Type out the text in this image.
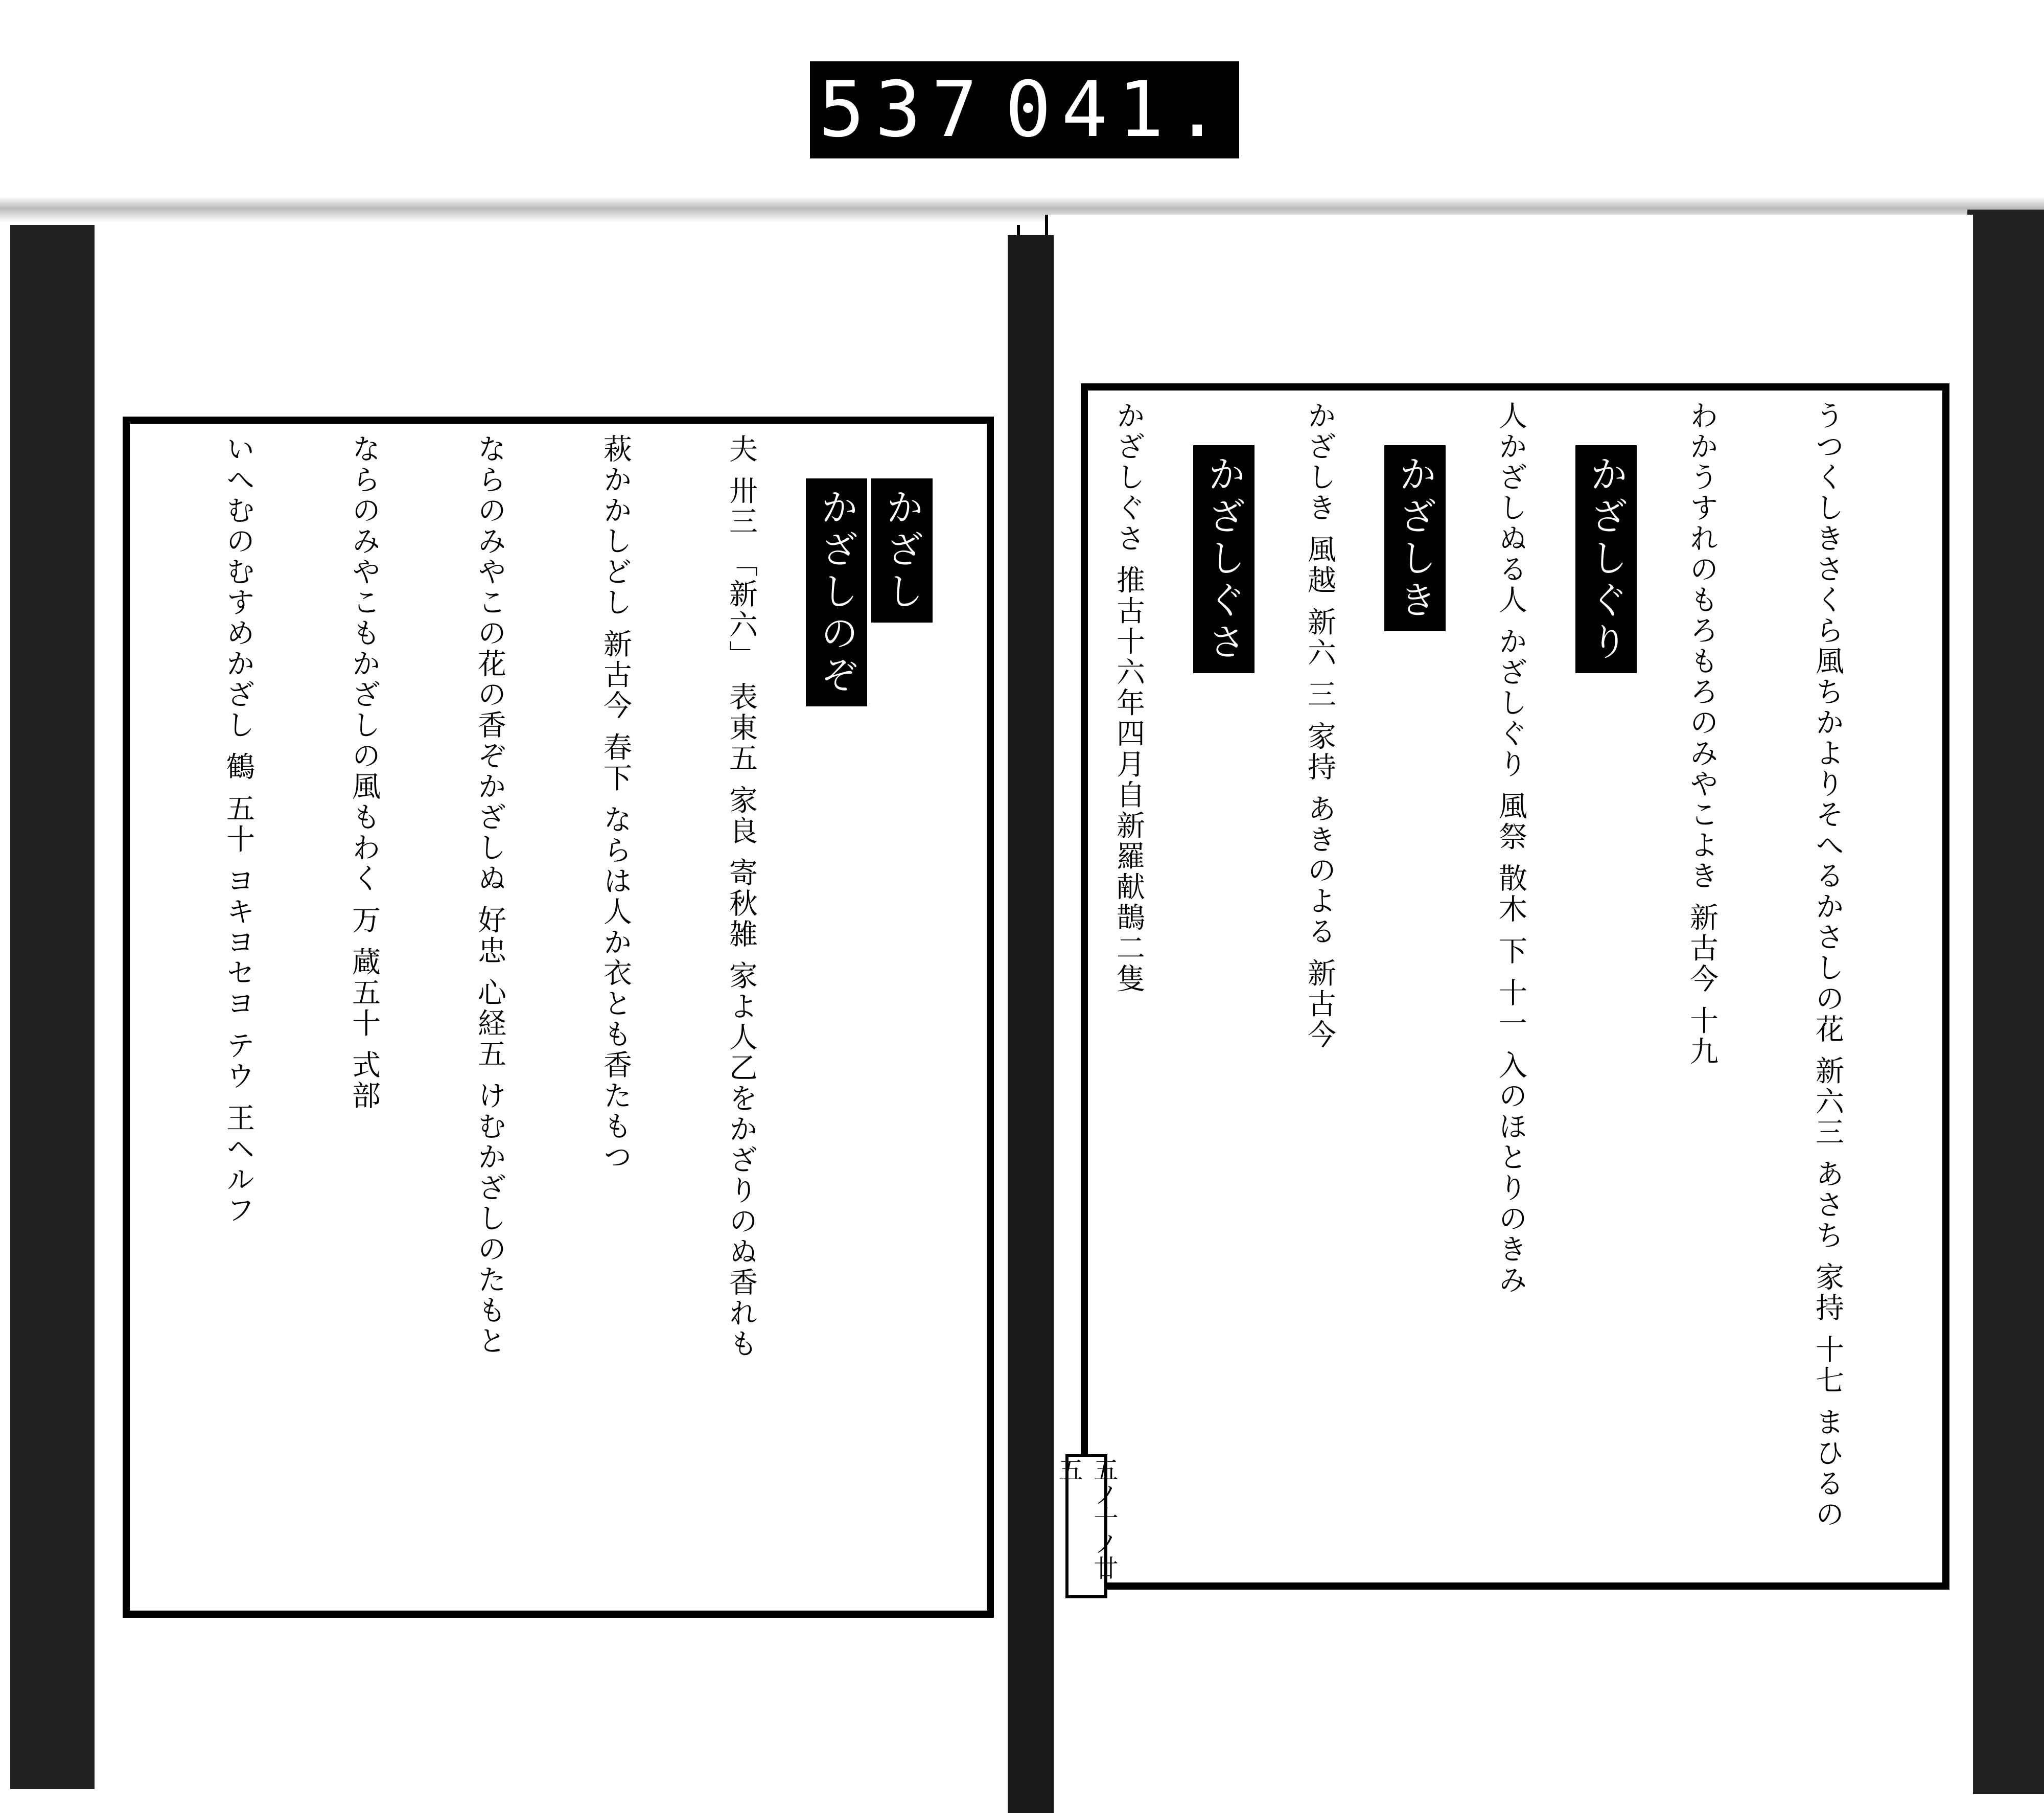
537 041.

かざし
かざしのぞ

夫 卅三 「新六」 表東五 家良 寄秋雑 家よ人乙をかざりのぬ香れも

萩かかしどし 新古今 春下 ならは人か衣とも香たもつ

ならのみやこの花の香ぞかざしぬ 好忠 心経五 けむかざしのたもと

ならのみやこもかざしの風もわく 万 蔵五十 式部

いへむのむすめかざし 鶴 五十 ヨキヨセヨ テウ 王ヘルフ

入のよるにのるを入りる ありあらた

	うつくしきさくら風ちかよりそへるかさしの花 新六三 あさち 家持 十七 まひるの

わかうすれのもろもろのみやこよき 新古今 十九

かざしぐり

人かざしぬる人 かざしぐり 風祭 散木 下 十一 入のほとりのきみ

かざしき

かざしき 風越 新六 三 家持 あきのよる 新古今

かざしぐさ

かざしぐさ 推古十六年四月自新羅献鵲二隻

五ノ十ノ廿五
